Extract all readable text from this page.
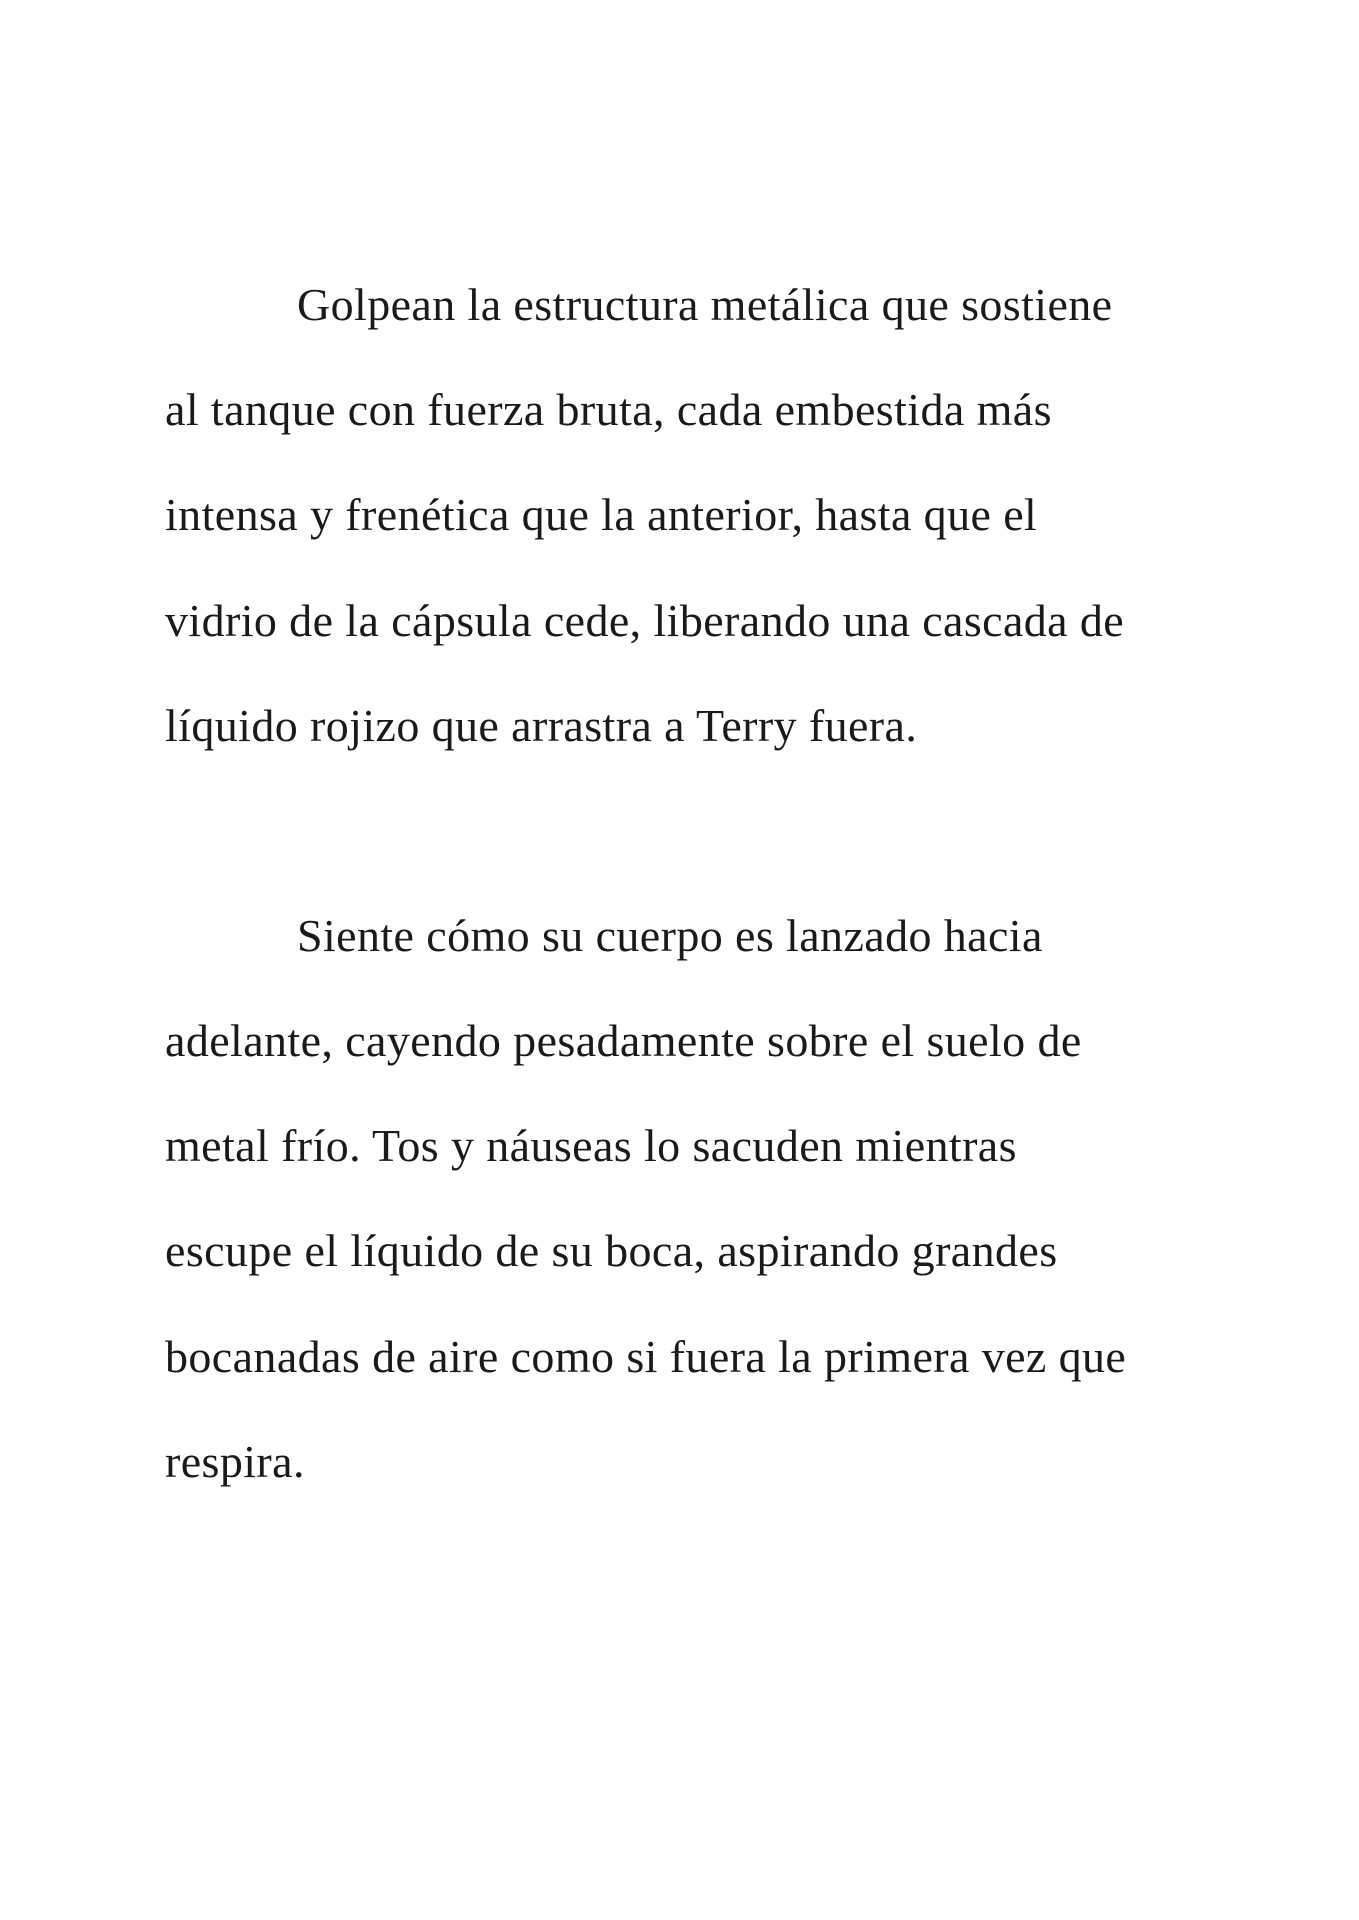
Golpean la estructura metálica que sostiene

al tanque con fuerza bruta, cada embestida más

intensa y frenética que la anterior, hasta que el

vidrio de la cápsula cede, liberando una cascada de

líquido rojizo que arrastra a Terry fuera.

Siente cómo su cuerpo es lanzado hacia

adelante, cayendo pesadamente sobre el suelo de

metal frío. Tos y náuseas lo sacuden mientras

escupe el líquido de su boca, aspirando grandes

bocanadas de aire como si fuera la primera vez que

respira.
